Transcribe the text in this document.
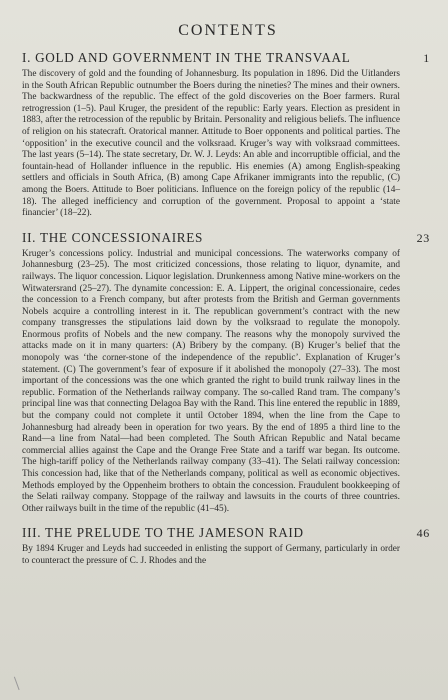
CONTENTS
I. GOLD AND GOVERNMENT IN THE TRANSVAAL	1

The discovery of gold and the founding of Johannesburg. Its population in 1896. Did the Uitlanders in the South African Republic outnumber the Boers during the nineties? The mines and their owners. The backwardness of the republic. The effect of the gold discoveries on the Boer farmers. Rural retrogression (1–5). Paul Kruger, the president of the republic: Early years. Election as president in 1883, after the retrocession of the republic by Britain. Personality and religious beliefs. The influence of religion on his statecraft. Oratorical manner. Attitude to Boer opponents and political parties. The ‘opposition’ in the executive council and the volksraad. Kruger’s way with volksraad committees. The last years (5–14). The state secretary, Dr. W. J. Leyds: An able and incorruptible official, and the fountain-head of Hollander influence in the republic. His enemies (A) among English-speaking settlers and officials in South Africa, (B) among Cape Afrikaner immigrants into the republic, (C) among the Boers. Attitude to Boer politicians. Influence on the foreign policy of the republic (14–18). The alleged inefficiency and corruption of the government. Proposal to appoint a ‘state financier’ (18–22).

II. THE CONCESSIONAIRES	23

Kruger’s concessions policy. Industrial and municipal concessions. The waterworks company of Johannesburg (23–25). The most criticized concessions, those relating to liquor, dynamite, and railways. The liquor concession. Liquor legislation. Drunkenness among Native mine-workers on the Witwatersrand (25–27). The dynamite concession: E. A. Lippert, the original concessionaire, cedes the concession to a French company, but after protests from the British and German governments Nobels acquire a controlling interest in it. The republican government’s contract with the new company transgresses the stipulations laid down by the volksraad to regulate the monopoly. Enormous profits of Nobels and the new company. The reasons why the monopoly survived the attacks made on it in many quarters: (A) Bribery by the company. (B) Kruger’s belief that the monopoly was ‘the corner-stone of the independence of the republic’. Explanation of Kruger’s statement. (C) The government’s fear of exposure if it abolished the monopoly (27–33). The most important of the concessions was the one which granted the right to build trunk railway lines in the republic. Formation of the Netherlands railway company. The so-called Rand tram. The company’s principal line was that connecting Delagoa Bay with the Rand. This line entered the republic in 1889, but the company could not complete it until October 1894, when the line from the Cape to Johannesburg had already been in operation for two years. By the end of 1895 a third line to the Rand—a line from Natal—had been completed. The South African Republic and Natal became commercial allies against the Cape and the Orange Free State and a tariff war began. Its outcome. The high-tariff policy of the Netherlands railway company (33–41). The Selati railway concession: This concession had, like that of the Netherlands company, political as well as economic objectives. Methods employed by the Oppenheim brothers to obtain the concession. Fraudulent bookkeeping of the Selati railway company. Stoppage of the railway and lawsuits in the courts of three countries. Other railways built in the time of the republic (41–45).

III. THE PRELUDE TO THE JAMESON RAID	46

By 1894 Kruger and Leyds had succeeded in enlisting the support of Germany, particularly in order to counteract the pressure of C. J. Rhodes and the
